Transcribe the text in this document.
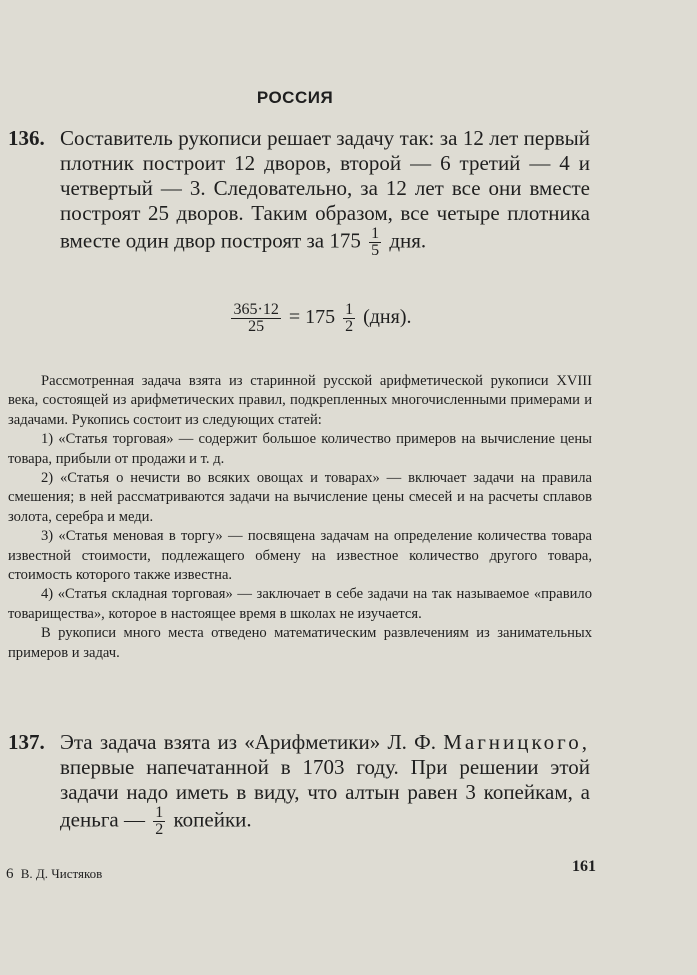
РОССИЯ
136. Составитель рукописи решает задачу так: за 12 лет первый плотник построит 12 дворов, второй — 6 третий — 4 и четвертый — 3. Следовательно, за 12 лет все они вместе построят 25 дворов. Таким образом, все четыре плотника вместе один двор построят за $175 \frac{1}{5}$ дня.
$\frac{365\cdot 12}{25} = 175 \frac{1}{2} (дня)$.

Рассмотренная задача взята из старинной русской арифметической рукописи XVIII века, состоящей из арифметических правил, подкрепленных многочисленными примерами и задачами. Рукопись состоит из следующих статей:

1) «Статья торговая» — содержит большое количество примеров на вычисление цены товара, прибыли от продажи и т. д.

2) «Статья о нечисти во всяких овощах и товарах» — включает задачи на правила смешения; в ней рассматриваются задачи на вычисление цены смесей и на расчеты сплавов золота, серебра и меди.

3) «Статья меновая в торгу» — посвящена задачам на определение количества товара известной стоимости, подлежащего обмену на известное количество другого товара, стоимость которого также известна.

4) «Статья складная торговая» — заключает в себе задачи на так называемое «правило товарищества», которое в настоящее время в школах не изучается.

В рукописи много места отведено математическим развлечениям из занимательных примеров и задач.

137. Эта задача взята из «Арифметики» Л. Ф. Магницкого, впервые напечатанной в 1703 году. При решении этой задачи надо иметь в виду, что алтын равен 3 копейкам, а деньга — $\frac{1}{2}$ копейки.
6 В. Д. Чистяков	161
